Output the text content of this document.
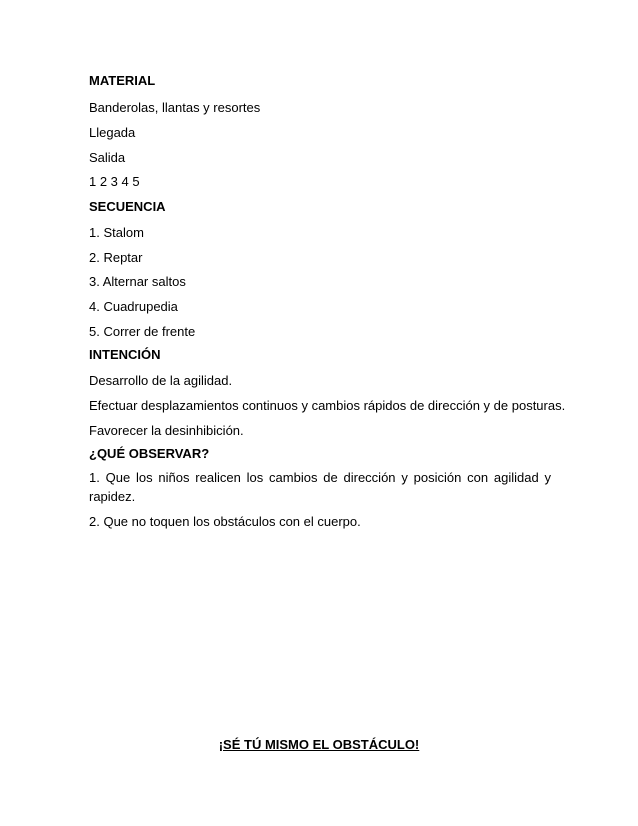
MATERIAL

Banderolas, llantas y resortes

Llegada

Salida

1 2 3 4 5

SECUENCIA

1. Stalom

2. Reptar

3. Alternar saltos

4. Cuadrupedia

5. Correr de frente

INTENCIÓN

Desarrollo de la agilidad.

Efectuar desplazamientos continuos y cambios rápidos de dirección y de posturas.

Favorecer la desinhibición.

¿QUÉ OBSERVAR?

1. Que los niños realicen los cambios de dirección y posición con agilidad y rapidez.

2. Que no toquen los obstáculos con el cuerpo.

¡SÉ TÚ MISMO EL OBSTÁCULO!
